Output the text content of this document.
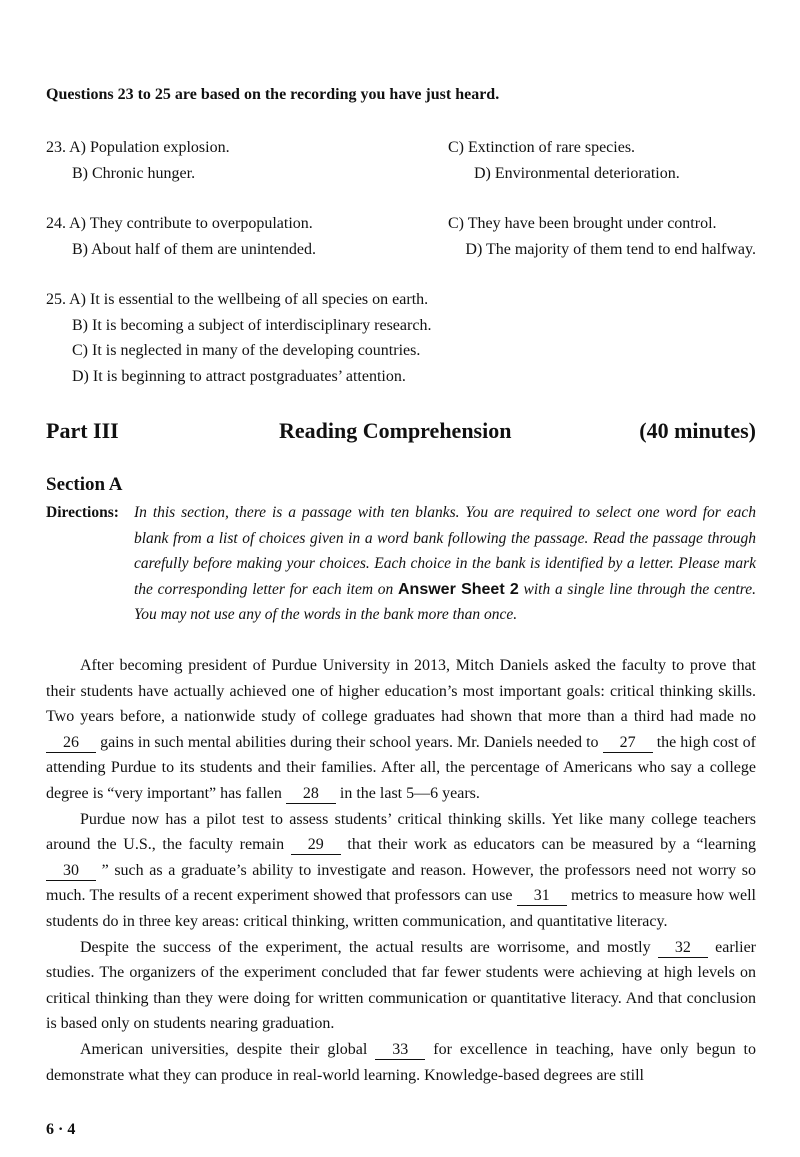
Questions 23 to 25 are based on the recording you have just heard.
23. A) Population explosion.	C) Extinction of rare species.
B) Chronic hunger.	D) Environmental deterioration.
24. A) They contribute to overpopulation.	C) They have been brought under control.
B) About half of them are unintended.	D) The majority of them tend to end halfway.
25. A) It is essential to the wellbeing of all species on earth.
B) It is becoming a subject of interdisciplinary research.
C) It is neglected in many of the developing countries.
D) It is beginning to attract postgraduates’ attention.
Part III	Reading Comprehension	(40 minutes)
Section A
Directions: In this section, there is a passage with ten blanks. You are required to select one word for each blank from a list of choices given in a word bank following the passage. Read the passage through carefully before making your choices. Each choice in the bank is identified by a letter. Please mark the corresponding letter for each item on Answer Sheet 2 with a single line through the centre. You may not use any of the words in the bank more than once.

After becoming president of Purdue University in 2013, Mitch Daniels asked the faculty to prove that their students have actually achieved one of higher education’s most important goals: critical thinking skills. Two years before, a nationwide study of college graduates had shown that more than a third had made no 26 gains in such mental abilities during their school years. Mr. Daniels needed to 27 the high cost of attending Purdue to its students and their families. After all, the percentage of Americans who say a college degree is “very important” has fallen 28 in the last 5—6 years.

Purdue now has a pilot test to assess students’ critical thinking skills. Yet like many college teachers around the U.S., the faculty remain 29 that their work as educators can be measured by a “learning 30 ” such as a graduate’s ability to investigate and reason. However, the professors need not worry so much. The results of a recent experiment showed that professors can use 31 metrics to measure how well students do in three key areas: critical thinking, written communication, and quantitative literacy.

Despite the success of the experiment, the actual results are worrisome, and mostly 32 earlier studies. The organizers of the experiment concluded that far fewer students were achieving at high levels on critical thinking than they were doing for written communication or quantitative literacy. And that conclusion is based only on students nearing graduation.

American universities, despite their global 33 for excellence in teaching, have only begun to demonstrate what they can produce in real-world learning. Knowledge-based degrees are still

6 · 4
